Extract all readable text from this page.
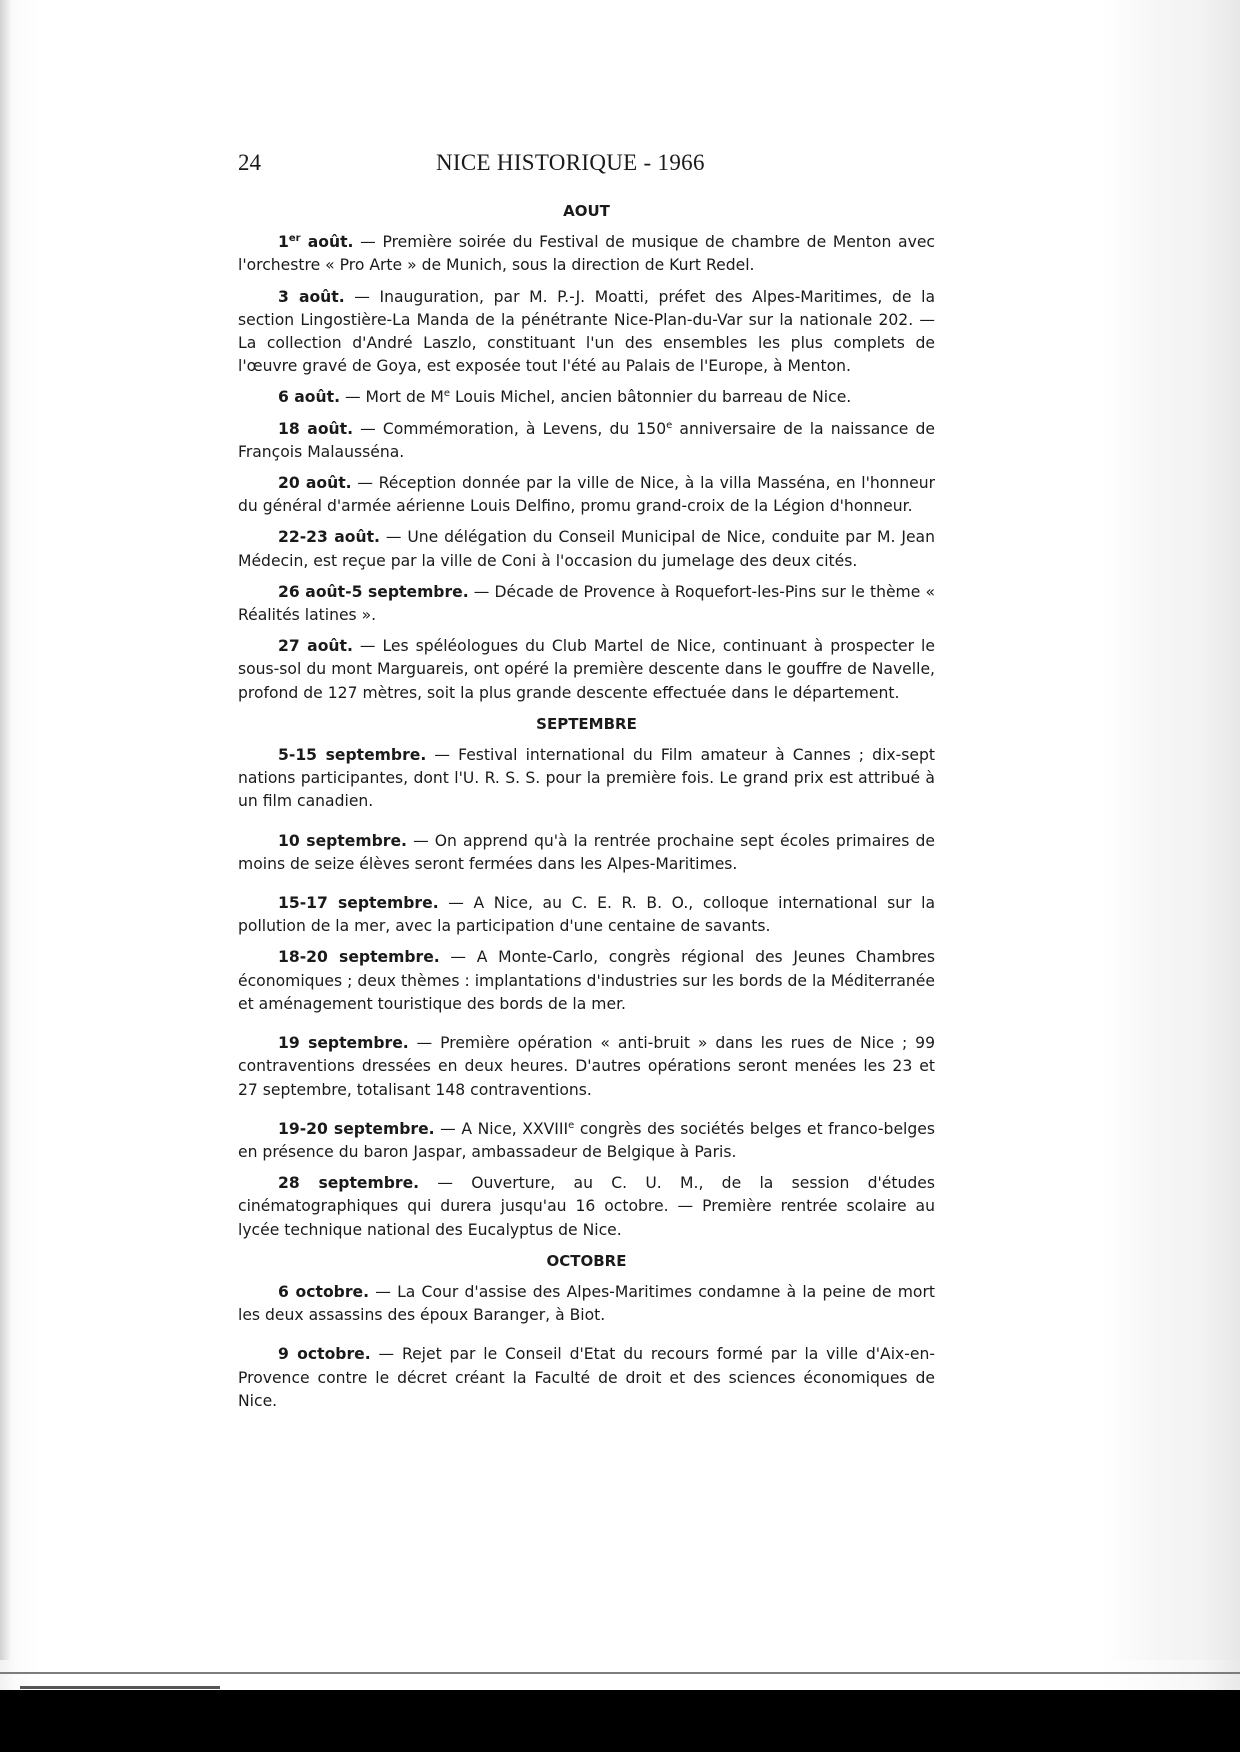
24	NICE HISTORIQUE - 1966
AOUT

1er août. — Première soirée du Festival de musique de chambre de Menton avec l'orchestre « Pro Arte » de Munich, sous la direction de Kurt Redel.

3 août. — Inauguration, par M. P.-J. Moatti, préfet des Alpes-Maritimes, de la section Lingostière-La Manda de la pénétrante Nice-Plan-du-Var sur la nationale 202. — La collection d'André Laszlo, constituant l'un des ensembles les plus complets de l'œuvre gravé de Goya, est exposée tout l'été au Palais de l'Europe, à Menton.

6 août. — Mort de Me Louis Michel, ancien bâtonnier du barreau de Nice.

18 août. — Commémoration, à Levens, du 150e anniversaire de la naissance de François Malausséna.

20 août. — Réception donnée par la ville de Nice, à la villa Masséna, en l'honneur du général d'armée aérienne Louis Delfino, promu grand-croix de la Légion d'honneur.

22-23 août. — Une délégation du Conseil Municipal de Nice, conduite par M. Jean Médecin, est reçue par la ville de Coni à l'occasion du jumelage des deux cités.

26 août-5 septembre. — Décade de Provence à Roquefort-les-Pins sur le thème « Réalités latines ».

27 août. — Les spéléologues du Club Martel de Nice, continuant à prospecter le sous-sol du mont Marguareis, ont opéré la première descente dans le gouffre de Navelle, profond de 127 mètres, soit la plus grande descente effectuée dans le département.

SEPTEMBRE

5-15 septembre. — Festival international du Film amateur à Cannes ; dix-sept nations participantes, dont l'U. R. S. S. pour la première fois. Le grand prix est attribué à un film canadien.

10 septembre. — On apprend qu'à la rentrée prochaine sept écoles primaires de moins de seize élèves seront fermées dans les Alpes-Maritimes.

15-17 septembre. — A Nice, au C. E. R. B. O., colloque international sur la pollution de la mer, avec la participation d'une centaine de savants.

18-20 septembre. — A Monte-Carlo, congrès régional des Jeunes Chambres économiques ; deux thèmes : implantations d'industries sur les bords de la Méditerranée et aménagement touristique des bords de la mer.

19 septembre. — Première opération « anti-bruit » dans les rues de Nice ; 99 contraventions dressées en deux heures. D'autres opérations seront menées les 23 et 27 septembre, totalisant 148 contraventions.

19-20 septembre. — A Nice, XXVIIIe congrès des sociétés belges et franco-belges en présence du baron Jaspar, ambassadeur de Belgique à Paris.

28 septembre. — Ouverture, au C. U. M., de la session d'études cinématographiques qui durera jusqu'au 16 octobre. — Première rentrée scolaire au lycée technique national des Eucalyptus de Nice.

OCTOBRE

6 octobre. — La Cour d'assise des Alpes-Maritimes condamne à la peine de mort les deux assassins des époux Baranger, à Biot.

9 octobre. — Rejet par le Conseil d'Etat du recours formé par la ville d'Aix-en-Provence contre le décret créant la Faculté de droit et des sciences économiques de Nice.
